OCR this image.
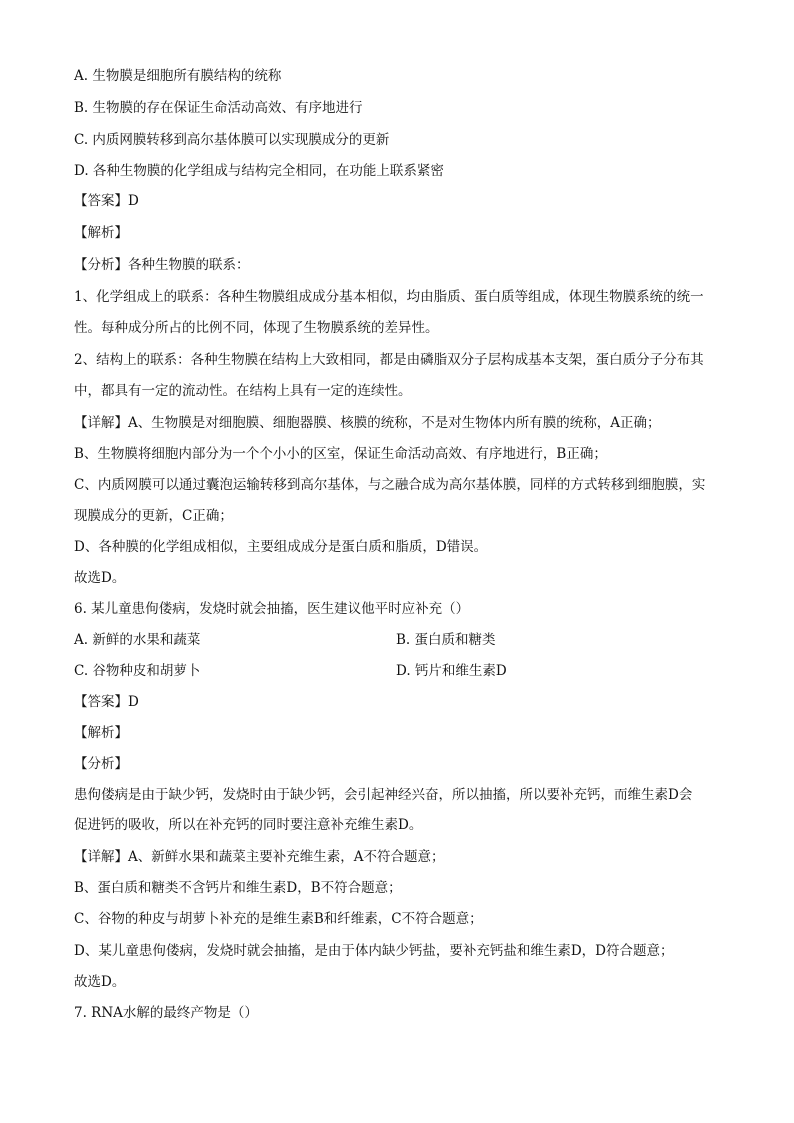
A. 生物膜是细胞所有膜结构的统称
B. 生物膜的存在保证生命活动高效、有序地进行
C. 内质网膜转移到高尔基体膜可以实现膜成分的更新
D. 各种生物膜的化学组成与结构完全相同，在功能上联系紧密
【答案】D
【解析】
【分析】各种生物膜的联系：
1、化学组成上的联系：各种生物膜组成成分基本相似，均由脂质、蛋白质等组成，体现生物膜系统的统一
性。每种成分所占的比例不同，体现了生物膜系统的差异性。
2、结构上的联系：各种生物膜在结构上大致相同，都是由磷脂双分子层构成基本支架，蛋白质分子分布其
中，都具有一定的流动性。在结构上具有一定的连续性。
【详解】A、生物膜是对细胞膜、细胞器膜、核膜的统称，不是对生物体内所有膜的统称，A正确；
B、生物膜将细胞内部分为一个个小小的区室，保证生命活动高效、有序地进行，B正确；
C、内质网膜可以通过囊泡运输转移到高尔基体，与之融合成为高尔基体膜，同样的方式转移到细胞膜，实
现膜成分的更新，C正确；
D、各种膜的化学组成相似，主要组成成分是蛋白质和脂质，D错误。
故选D。
6. 某儿童患佝偻病，发烧时就会抽搐，医生建议他平时应补充（）
A. 新鲜的水果和蔬菜	B. 蛋白质和糖类
C. 谷物种皮和胡萝卜	D. 钙片和维生素D
【答案】D
【解析】
【分析】
患佝偻病是由于缺少钙，发烧时由于缺少钙，会引起神经兴奋，所以抽搐，所以要补充钙，而维生素D会
促进钙的吸收，所以在补充钙的同时要注意补充维生素D。
【详解】A、新鲜水果和蔬菜主要补充维生素，A不符合题意；
B、蛋白质和糖类不含钙片和维生素D，B不符合题意；
C、谷物的种皮与胡萝卜补充的是维生素B和纤维素，C不符合题意；
D、某儿童患佝偻病，发烧时就会抽搐，是由于体内缺少钙盐，要补充钙盐和维生素D，D符合题意；
故选D。
7. RNA水解的最终产物是（）
